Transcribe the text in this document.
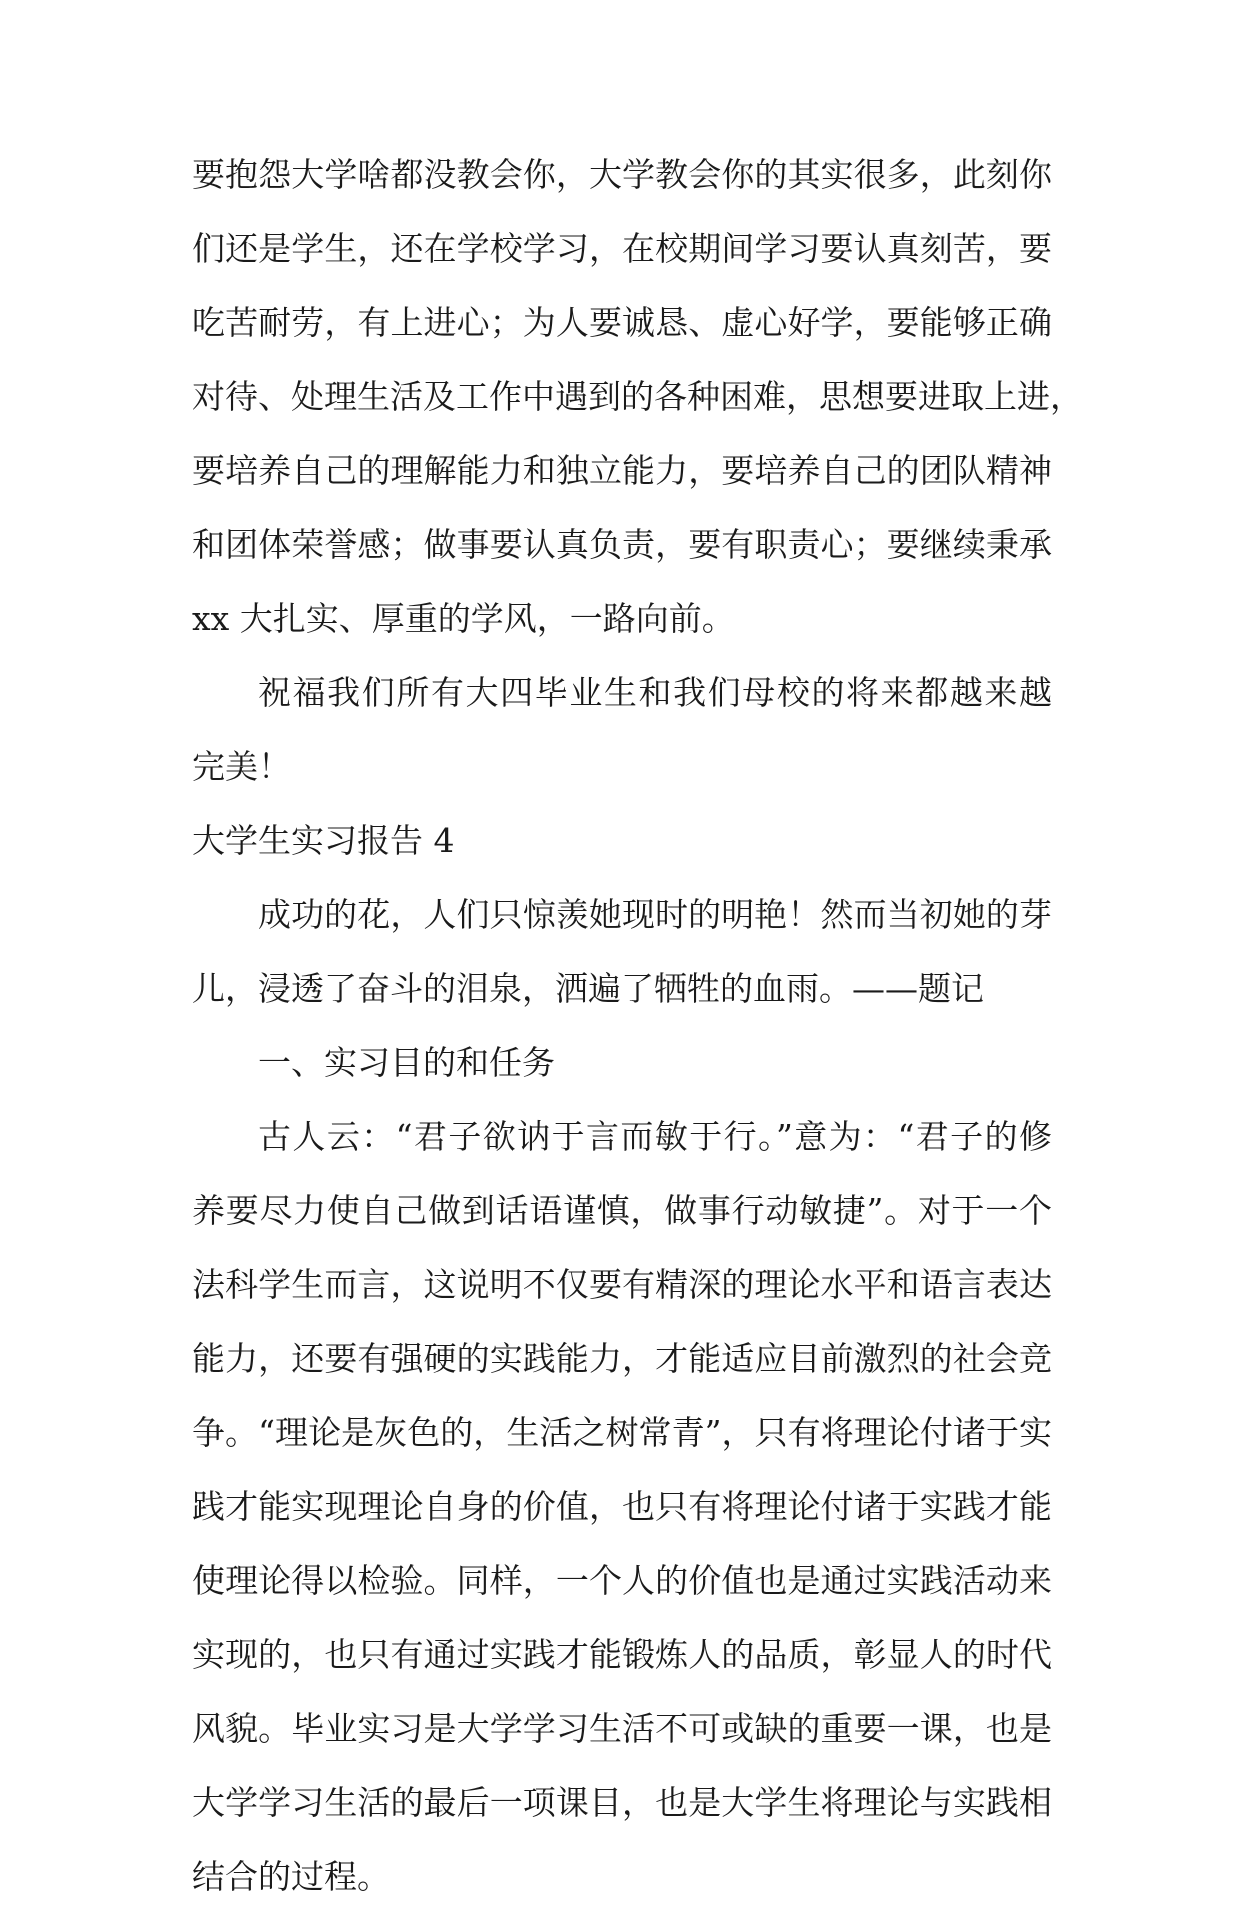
要抱怨大学啥都没教会你，大学教会你的其实很多，此刻你
们还是学生，还在学校学习，在校期间学习要认真刻苦，要
吃苦耐劳，有上进心；为人要诚恳、虚心好学，要能够正确
对待、处理生活及工作中遇到的各种困难，思想要进取上进，
要培养自己的理解能力和独立能力，要培养自己的团队精神
和团体荣誉感；做事要认真负责，要有职责心；要继续秉承
xx 大扎实、厚重的学风，一路向前。
祝福我们所有大四毕业生和我们母校的将来都越来越
完美！
大学生实习报告 4
成功的花，人们只惊羡她现时的明艳！然而当初她的芽
儿，浸透了奋斗的泪泉，洒遍了牺牲的血雨。——题记
一、实习目的和任务
古人云：“君子欲讷于言而敏于行。”意为：“君子的修
养要尽力使自己做到话语谨慎，做事行动敏捷”。对于一个
法科学生而言，这说明不仅要有精深的理论水平和语言表达
能力，还要有强硬的实践能力，才能适应目前激烈的社会竞
争。“理论是灰色的，生活之树常青”，只有将理论付诸于实
践才能实现理论自身的价值，也只有将理论付诸于实践才能
使理论得以检验。同样，一个人的价值也是通过实践活动来
实现的，也只有通过实践才能锻炼人的品质，彰显人的时代
风貌。毕业实习是大学学习生活不可或缺的重要一课，也是
大学学习生活的最后一项课目，也是大学生将理论与实践相
结合的过程。
